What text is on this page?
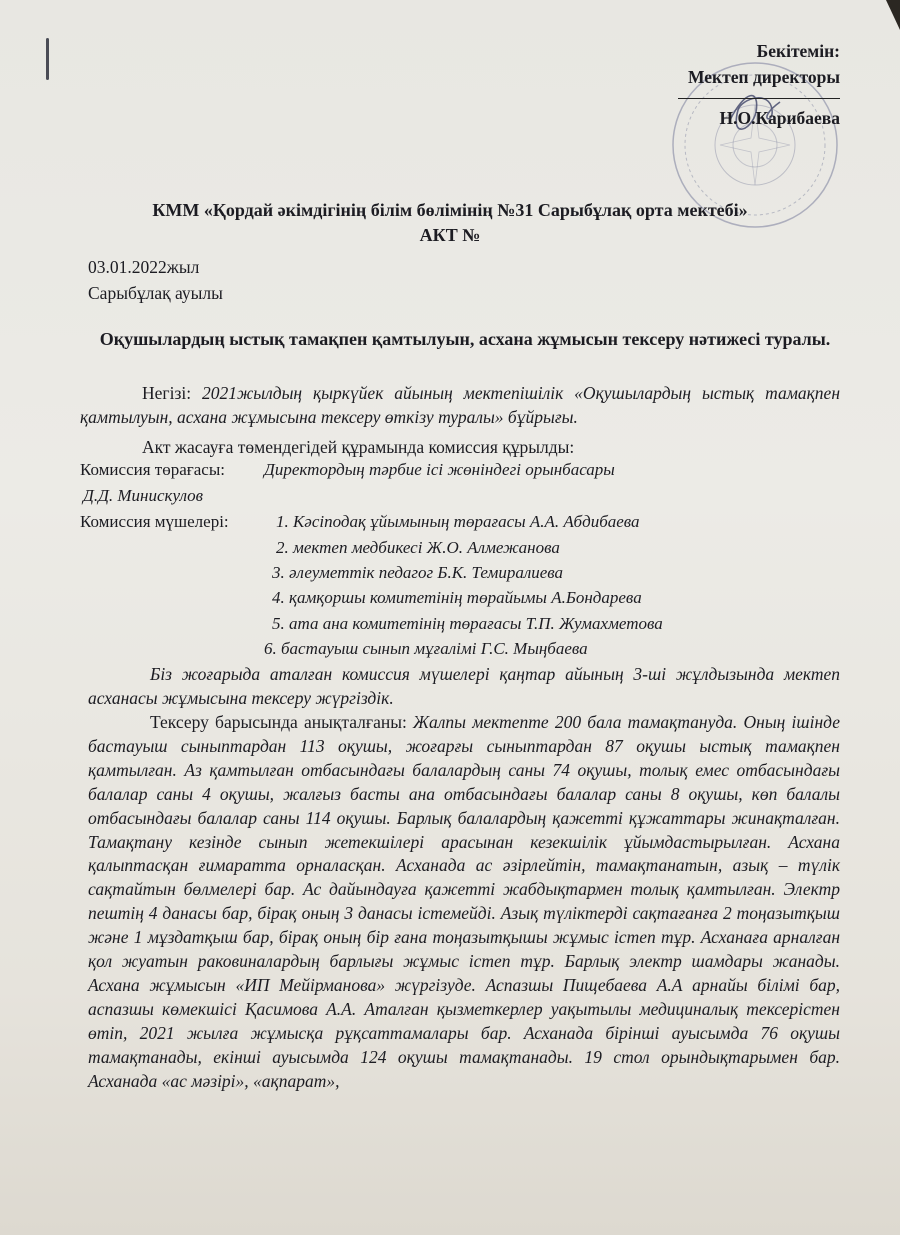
Бекітемін:
Мектеп директоры
Н.О.Карибаева
КММ «Қордай әкімдігінің білім бөлімінің №31 Сарыбұлақ орта мектебі»
АКТ №
03.01.2022жыл
Сарыбұлақ ауылы
Оқушылардың ыстық тамақпен қамтылуын, асхана жұмысын тексеру нәтижесі туралы.

Негізі: 2021жылдың қыркүйек айының мектепішілік «Оқушылардың ыстық тамақпен қамтылуын, асхана жұмысына тексеру өткізу туралы» бұйрығы.

Акт жасауға төмендегідей құрамында комиссия құрылды:

Комиссия төрағасы: Директордың тәрбие ісі жөніндегі орынбасары
Д.Д. Минискулов
Комиссия мүшелері:	1. Кәсіподақ ұйымының төрағасы А.А. Абдибаева
2. мектеп медбикесі Ж.О. Алмежанова
3. әлеуметтік педагог Б.К. Темиралиева
4. қамқоршы комитетінің төрайымы А.Бондарева
5. ата ана комитетінің төрағасы Т.П. Жумахметова
6. бастауыш сынып мұғалімі Г.С. Мыңбаева

Біз жоғарыда аталған комиссия мүшелері қаңтар айының 3-ші жұлдызында мектеп асханасы жұмысына тексеру жүргіздік.

Тексеру барысында анықталғаны: Жалпы мектепте 200 бала тамақтануда. Оның ішінде бастауыш сыныптардан 113 оқушы, жоғарғы сыныптардан 87 оқушы ыстық тамақпен қамтылған. Аз қамтылған отбасындағы балалардың саны 74 оқушы, толық емес отбасындағы балалар саны 4 оқушы, жалғыз басты ана отбасындағы балалар саны 8 оқушы, көп балалы отбасындағы балалар саны 114 оқушы. Барлық балалардың қажетті құжаттары жинақталған. Тамақтану кезінде сынып жетекшілері арасынан кезекшілік ұйымдастырылған. Асхана қалыптасқан ғимаратта орналасқан. Асханада ас әзірлейтін, тамақтанатын, азық – түлік сақтайтын бөлмелері бар. Ас дайындауға қажетті жабдықтармен толық қамтылған. Электр пештің 4 данасы бар, бірақ оның 3 данасы істемейді. Азық түліктерді сақтағанға 2 тоңазытқыш және 1 мұздатқыш бар, бірақ оның бір ғана тоңазытқышы жұмыс істеп тұр. Асханаға арналған қол жуатын раковиналардың барлығы жұмыс істеп тұр. Барлық электр шамдары жанады. Асхана жұмысын «ИП Мейірманова» жүргізуде. Аспазшы Пищебаева А.А арнайы білімі бар, аспазшы көмекшісі Қасимова А.А. Аталған қызметкерлер уақытылы медициналық тексерістен өтіп, 2021 жылға жұмысқа рұқсаттамалары бар. Асханада бірінші ауысымда 76 оқушы тамақтанады, екінші ауысымда 124 оқушы тамақтанады. 19 стол орындықтарымен бар. Асханада «ас мәзірі», «ақпарат»,
